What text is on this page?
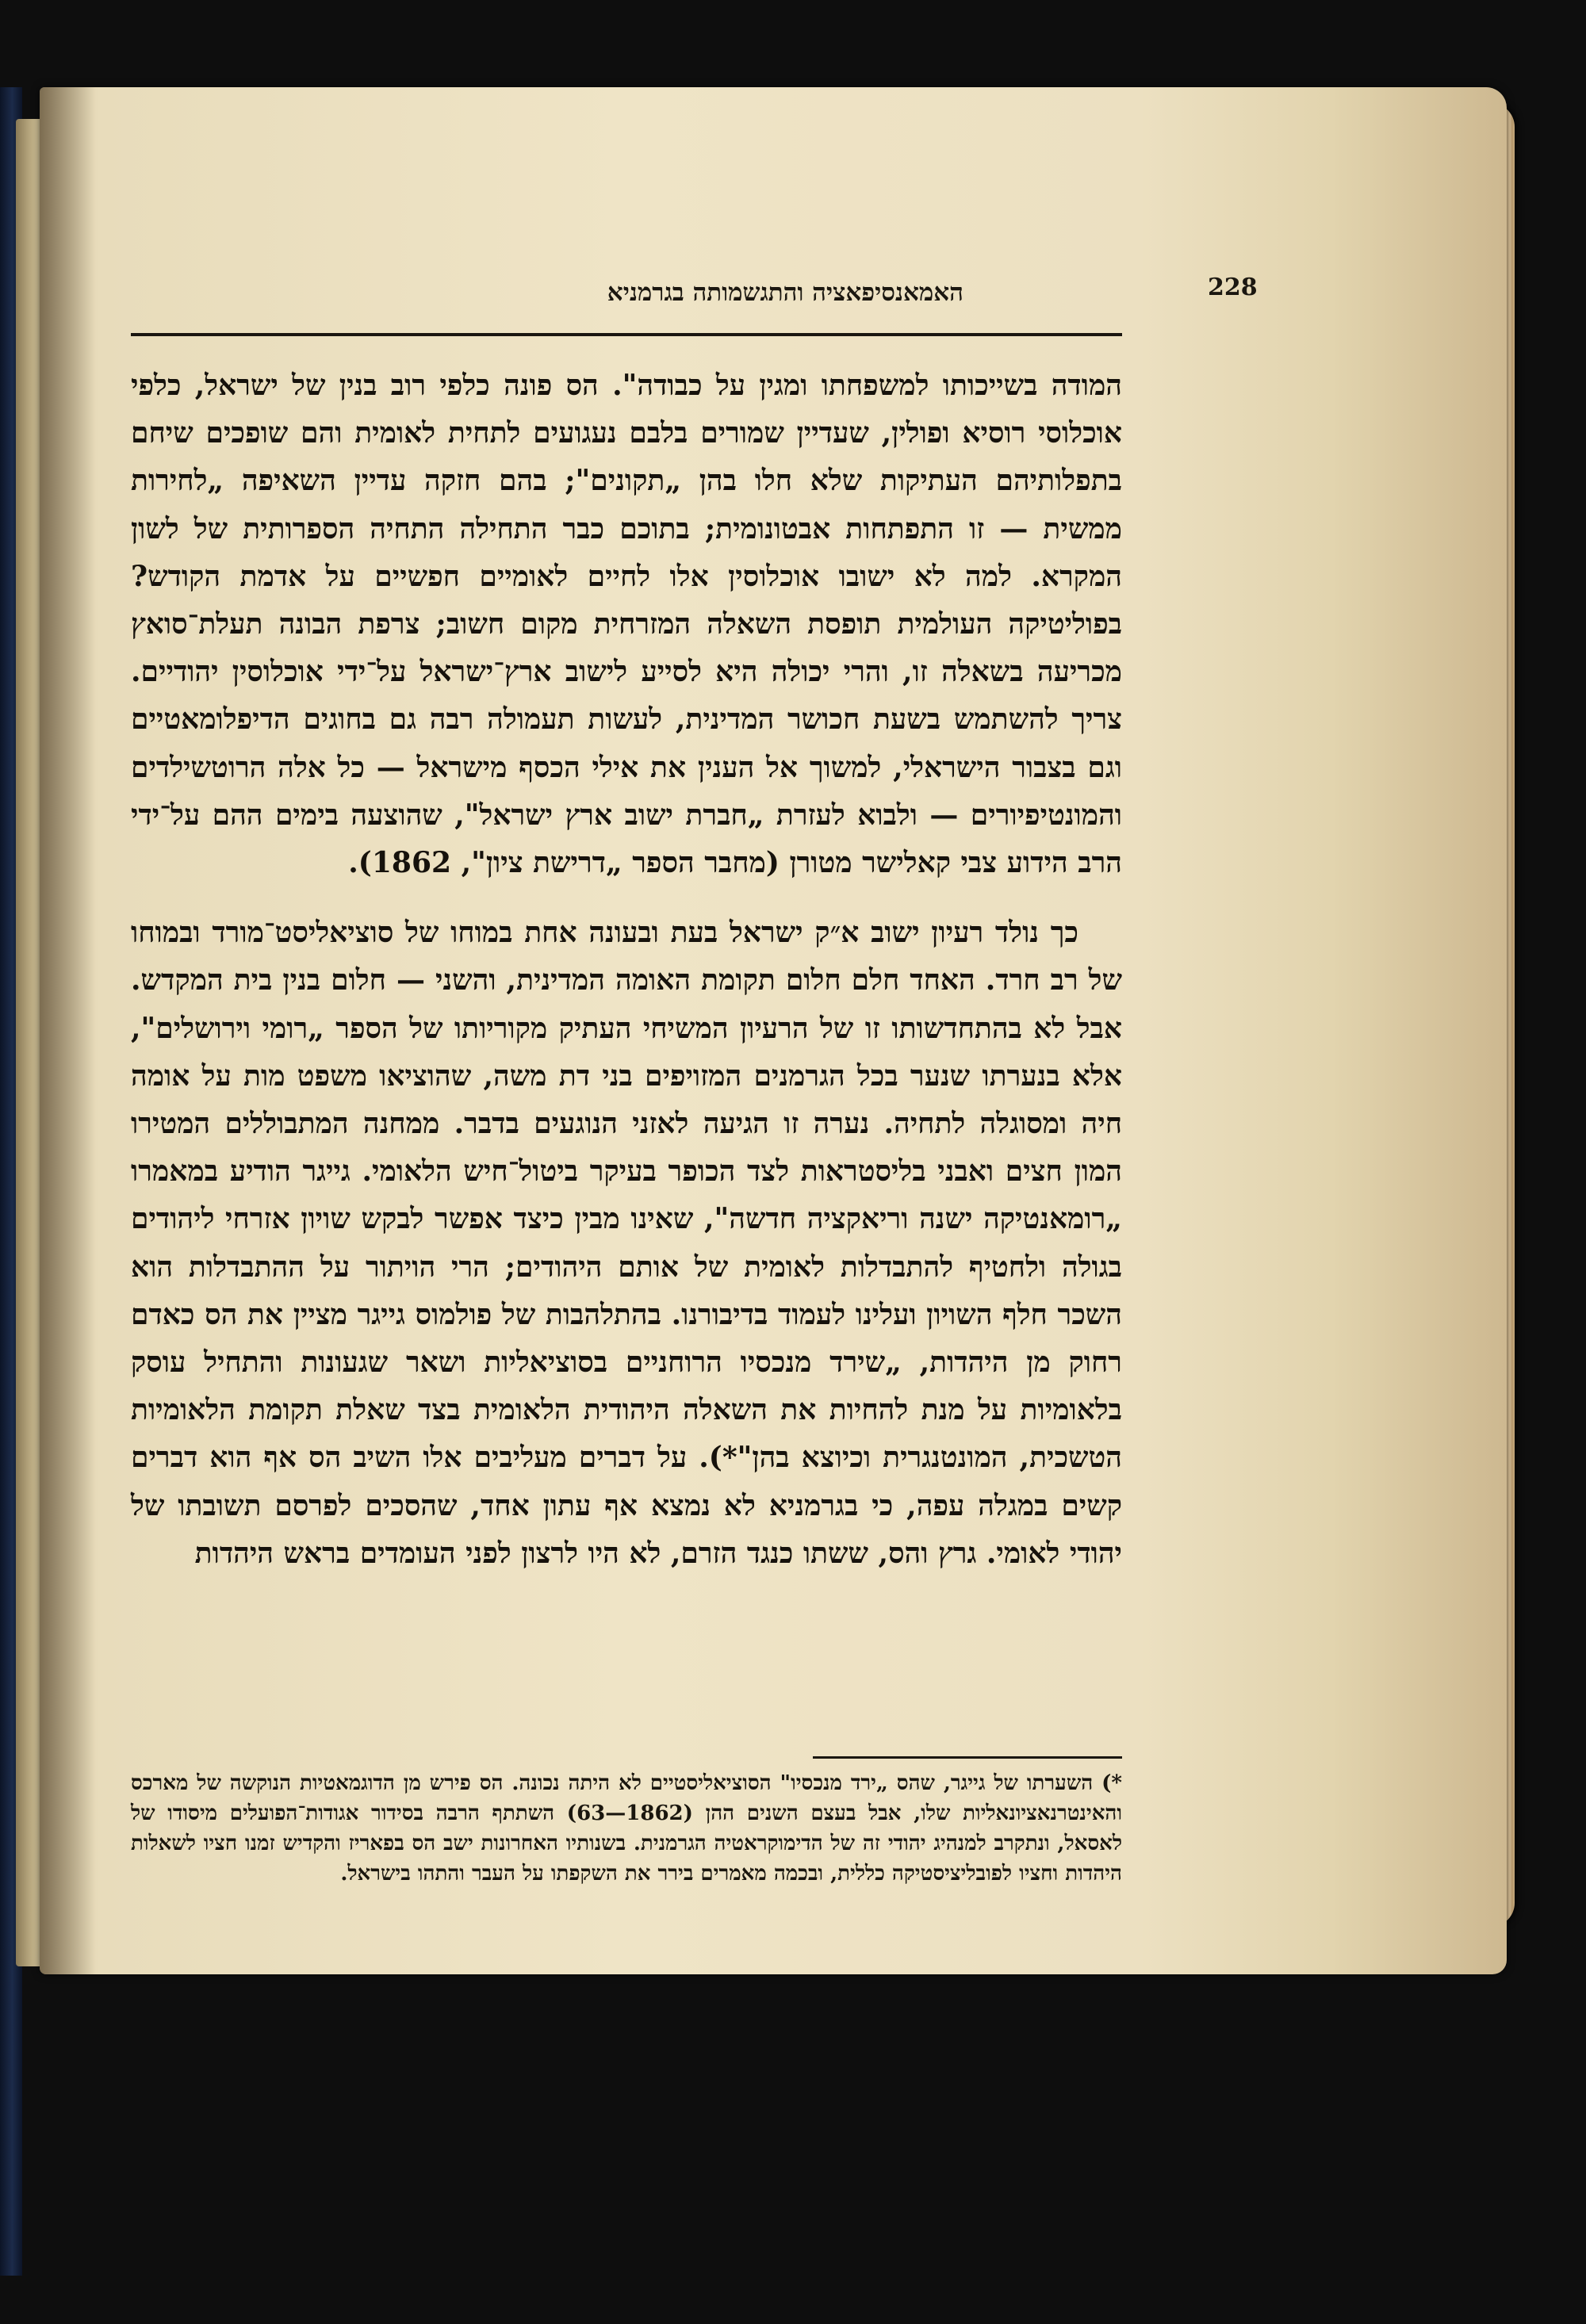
228
האמאנסיפאציה והתגשמותה בגרמניא

המודה בשייכותו למשפחתו ומגין על כבודה". הס פונה כלפי רוב בנין של ישראל, כלפי אוכלוסי רוסיא ופולין, שעדיין שמורים בלבם נעגועים לתחית לאומית והם שופכים שיחם בתפלותיהם העתיקות שלא חלו בהן „תקונים"; בהם חזקה עדיין השאיפה „לחירות ממשית — זו התפתחות אבטונומית; בתוכם כבר התחילה התחיה הספרותית של לשון המקרא. למה לא ישובו אוכלוסין אלו לחיים לאומיים חפשיים על אדמת הקודש? בפוליטיקה העולמית תופסת השאלה המזרחית מקום חשוב; צרפת הבונה תעלת־סואץ מכריעה בשאלה זו, והרי יכולה היא לסייע לישוב ארץ־ישראל על־ידי אוכלוסין יהודיים. צריך להשתמש בשעת חכושר המדינית, לעשות תעמולה רבה גם בחוגים הדיפלומאטיים וגם בצבור הישראלי, למשוך אל הענין את אילי הכסף מישראל — כל אלה הרוטשילדים והמונטיפיורים — ולבוא לעזרת „חברת ישוב ארץ ישראל", שהוצעה בימים ההם על־ידי הרב הידוע צבי קאלישר מטורן (מחבר הספר „דרישת ציון", 1862).

כך נולד רעיון ישוב א״ק ישראל בעת ובעונה אחת במוחו של סוציאליסט־מורד ובמוחו של רב חרד. האחד חלם חלום תקומת האומה המדינית, והשני — חלום בנין בית המקדש. אבל לא בהתחדשותו זו של הרעיון המשיחי העתיק מקוריותו של הספר „רומי וירושלים", אלא בנערתו שנער בכל הגרמנים המזויפים בני דת משה, שהוציאו משפט מות על אומה חיה ומסוגלה לתחיה. נערה זו הגיעה לאזני הנוגעים בדבר. ממחנה המתבוללים המטירו המון חצים ואבני בליסטראות לצד הכופר בעיקר ביטול־חיש הלאומי. גייגר הודיע במאמרו „רומאנטיקה ישנה וריאקציה חדשה", שאינו מבין כיצד אפשר לבקש שויון אזרחי ליהודים בגולה ולחטיף להתבדלות לאומית של אותם היהודים; הרי הויתור על ההתבדלות הוא השכר חלף השויון ועלינו לעמוד בדיבורנו. בהתלהבות של פולמוס גייגר מציין את הס כאדם רחוק מן היהדות, „שירד מנכסיו הרוחניים בסוציאליות ושאר שגעונות והתחיל עוסק בלאומיות על מנת להחיות את השאלה היהודית הלאומית בצד שאלת תקומת הלאומיות הטשכית, המונטנגרית וכיוצא בהן"*). על דברים מעליבים אלו השיב הס אף הוא דברים קשים במגלה עפה, כי בגרמניא לא נמצא אף עתון אחד, שהסכים לפרסם תשובתו של יהודי לאומי. גרץ והס, ששתו כנגד הזרם, לא היו לרצון לפני העומדים בראש היהדות

*) השערתו של גייגר, שהס „ירד מנכסיו" הסוציאליסטיים לא היתה נכונה. הס פירש מן הדוגמאטיות הנוקשה של מארכס והאינטרנאציונאליות שלו, אבל בעצם השנים ההן (1862—63) השתתף הרבה בסידור אגודות־הפועלים מיסודו של לאסאל, ונתקרב למנהיג יהודי זה של הדימוקראטיה הגרמנית. בשנותיו האחרונות ישב הס בפאריז והקדיש זמנו חציו לשאלות היהדות וחציו לפובליציסטיקה כללית, ובכמה מאמרים בירר את השקפתו על העבר והתהו בישראל.
